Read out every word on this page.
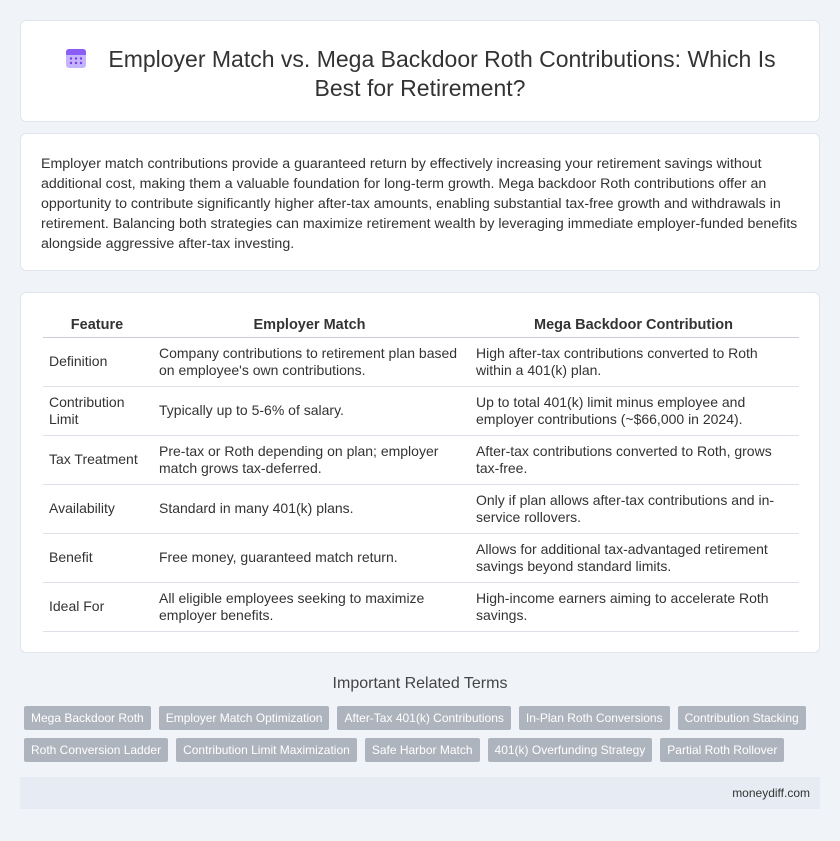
Employer Match vs. Mega Backdoor Roth Contributions: Which Is Best for Retirement?

Employer match contributions provide a guaranteed return by effectively increasing your retirement savings without additional cost, making them a valuable foundation for long-term growth. Mega backdoor Roth contributions offer an opportunity to contribute significantly higher after-tax amounts, enabling substantial tax-free growth and withdrawals in retirement. Balancing both strategies can maximize retirement wealth by leveraging immediate employer-funded benefits alongside aggressive after-tax investing.

Feature	Employer Match	Mega Backdoor Contribution
Definition	Company contributions to retirement plan based on employee's own contributions.	High after-tax contributions converted to Roth within a 401(k) plan.
Contribution Limit	Typically up to 5-6% of salary.	Up to total 401(k) limit minus employee and employer contributions (~$66,000 in 2024).
Tax Treatment	Pre-tax or Roth depending on plan; employer match grows tax-deferred.	After-tax contributions converted to Roth, grows tax-free.
Availability	Standard in many 401(k) plans.	Only if plan allows after-tax contributions and in-service rollovers.
Benefit	Free money, guaranteed match return.	Allows for additional tax-advantaged retirement savings beyond standard limits.
Ideal For	All eligible employees seeking to maximize employer benefits.	High-income earners aiming to accelerate Roth savings.
Important Related Terms
Mega Backdoor Roth	Employer Match Optimization	After-Tax 401(k) Contributions	In-Plan Roth Conversions	Contribution Stacking
Roth Conversion Ladder	Contribution Limit Maximization	Safe Harbor Match	401(k) Overfunding Strategy	Partial Roth Rollover
moneydiff.com
